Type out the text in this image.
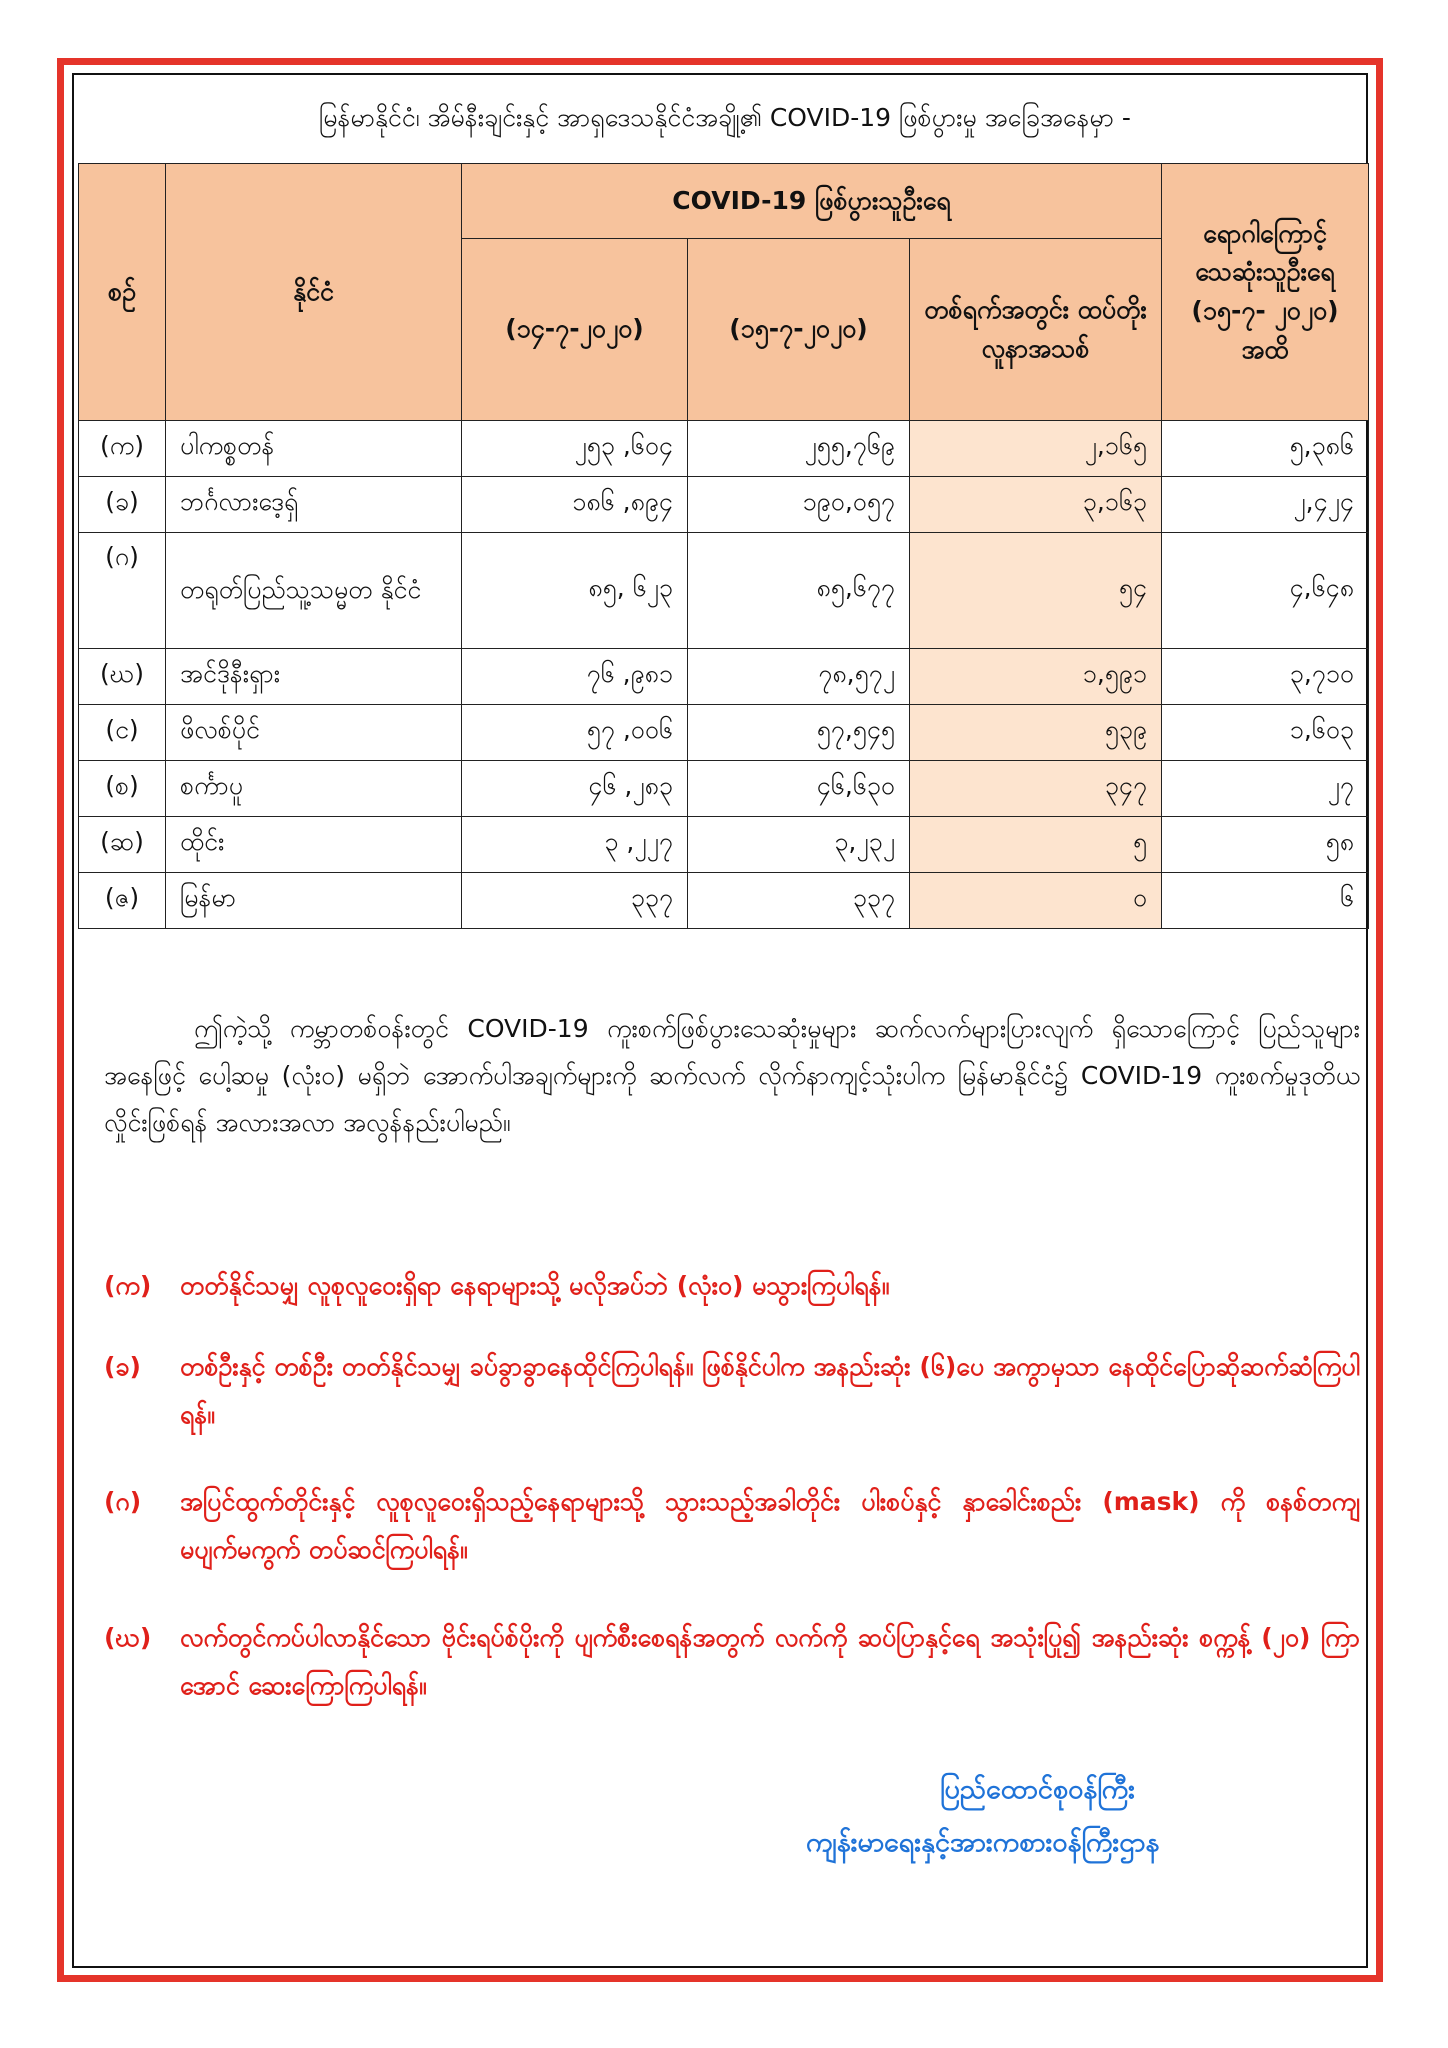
မြန်မာနိုင်ငံ၊ အိမ်နီးချင်းနှင့် အာရှဒေသနိုင်ငံအချို့၏ COVID-19 ဖြစ်ပွားမှု အခြေအနေမှာ -
စဉ်	နိုင်ငံ	COVID-19 ဖြစ်ပွားသူဦးရေ			ရောဂါကြောင့် သေဆုံးသူဦးရေ (၁၅-၇- ၂၀၂၀) အထိ
		(၁၄-၇-၂၀၂၀)	(၁၅-၇-၂၀၂၀)	တစ်ရက်အတွင်း ထပ်တိုး လူနာအသစ်	
(က)	ပါကစ္စတန်	၂၅၃ ,၆၀၄	၂၅၅,၇၆၉	၂,၁၆၅	၅,၃၈၆
(ခ)	ဘင်္ဂလားဒေ့ရှ်	၁၈၆ ,၈၉၄	၁၉၀,၀၅၇	၃,၁၆၃	၂,၄၂၄
(ဂ)	တရုတ်ပြည်သူ့သမ္မတ နိုင်ငံ	၈၅, ၆၂၃	၈၅,၆၇၇	၅၄	၄,၆၄၈
(ဃ)	အင်ဒိုနီးရှား	၇၆ ,၉၈၁	၇၈,၅၇၂	၁,၅၉၁	၃,၇၁၀
(င)	ဖိလစ်ပိုင်	၅၇ ,၀၀၆	၅၇,၅၄၅	၅၃၉	၁,၆၀၃
(စ)	စင်္ကာပူ	၄၆ ,၂၈၃	၄၆,၆၃၀	၃၄၇	၂၇
(ဆ)	ထိုင်း	၃ ,၂၂၇	၃,၂၃၂	၅	၅၈
(ဇ)	မြန်မာ	၃၃၇	၃၃၇	၀	၆
ဤကဲ့သို့ ကမ္ဘာတစ်ဝန်းတွင် COVID-19 ကူးစက်ဖြစ်ပွားသေဆုံးမှုများ ဆက်လက်များပြားလျက် ရှိသောကြောင့် ပြည်သူများအနေဖြင့် ပေါ့ဆမှု (လုံးဝ) မရှိဘဲ အောက်ပါအချက်များကို ဆက်လက် လိုက်နာကျင့်သုံးပါက မြန်မာနိုင်ငံ၌ COVID-19 ကူးစက်မှုဒုတိယလှိုင်းဖြစ်ရန် အလားအလာ အလွန်နည်းပါမည်။
(က)	တတ်နိုင်သမျှ လူစုလူဝေးရှိရာ နေရာများသို့ မလိုအပ်ဘဲ (လုံးဝ) မသွားကြပါရန်။
(ခ)	တစ်ဦးနှင့် တစ်ဦး တတ်နိုင်သမျှ ခပ်ခွာခွာနေထိုင်ကြပါရန်။ ဖြစ်နိုင်ပါက အနည်းဆုံး (၆)ပေ အကွာမှသာ နေထိုင်ပြောဆိုဆက်ဆံကြပါရန်။
(ဂ)	အပြင်ထွက်တိုင်းနှင့် လူစုလူဝေးရှိသည့်နေရာများသို့ သွားသည့်အခါတိုင်း ပါးစပ်နှင့် နှာခေါင်းစည်း (mask) ကို စနစ်တကျ မပျက်မကွက် တပ်ဆင်ကြပါရန်။
(ဃ)	လက်တွင်ကပ်ပါလာနိုင်သော ဗိုင်းရပ်စ်ပိုးကို ပျက်စီးစေရန်အတွက် လက်ကို ဆပ်ပြာနှင့်ရေ အသုံးပြု၍ အနည်းဆုံး စက္ကန့် (၂၀) ကြာအောင် ဆေးကြောကြပါရန်။
ပြည်ထောင်စုဝန်ကြီး
ကျန်းမာရေးနှင့်အားကစားဝန်ကြီးဌာန
